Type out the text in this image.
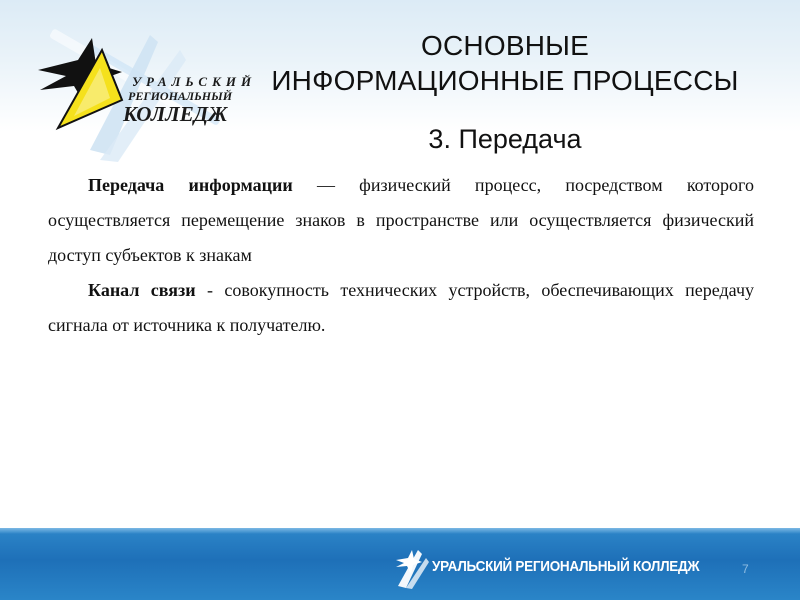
УРАЛЬСКИЙ
РЕГИОНАЛЬНЫЙ
КОЛЛЕДЖ
ОСНОВНЫЕ
ИНФОРМАЦИОННЫЕ ПРОЦЕССЫ
3. Передача

Передача информации — физический процесс, посредством которого осуществляется перемещение знаков в пространстве или осуществляется физический доступ субъектов к знакам

Канал связи - совокупность технических устройств, обеспечивающих передачу сигнала от источника к получателю.

УРАЛЬСКИЙ РЕГИОНАЛЬНЫЙ КОЛЛЕДЖ	7
